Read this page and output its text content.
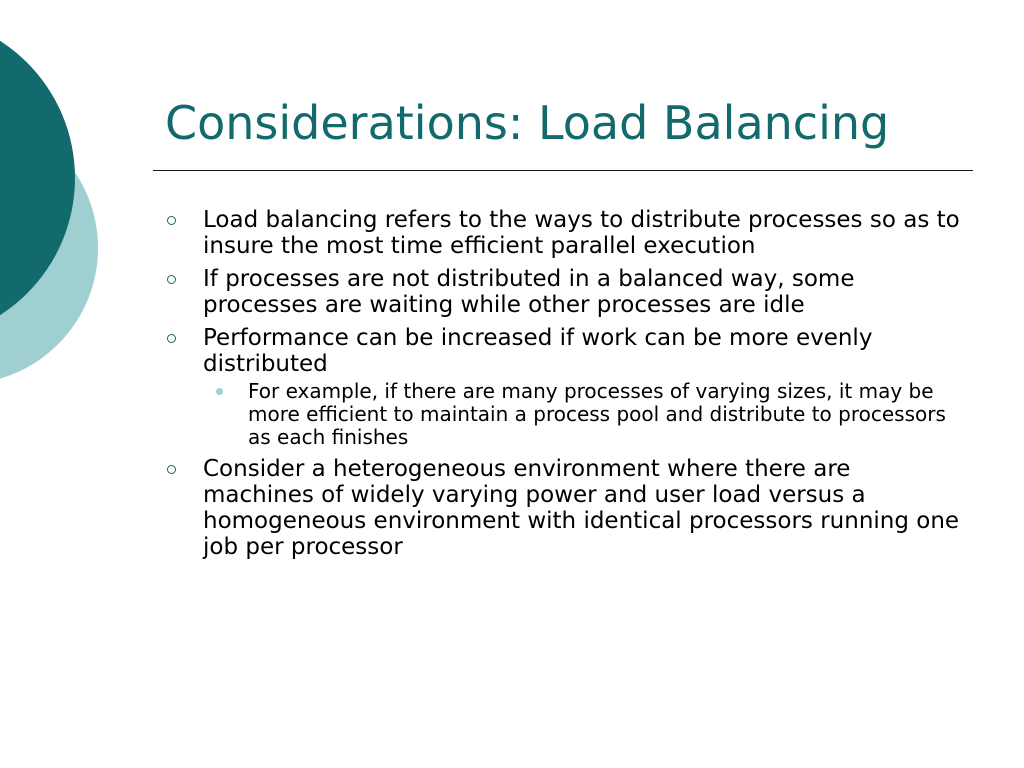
Considerations: Load Balancing
Load balancing refers to the ways to distribute processes so as to insure the most time efficient parallel execution
If processes are not distributed in a balanced way, some processes are waiting while other processes are idle
Performance can be increased if work can be more evenly distributed
For example, if there are many processes of varying sizes, it may be more efficient to maintain a process pool and distribute to processors as each finishes
Consider a heterogeneous environment where there are machines of widely varying power and user load versus a homogeneous environment with identical processors running one job per processor
